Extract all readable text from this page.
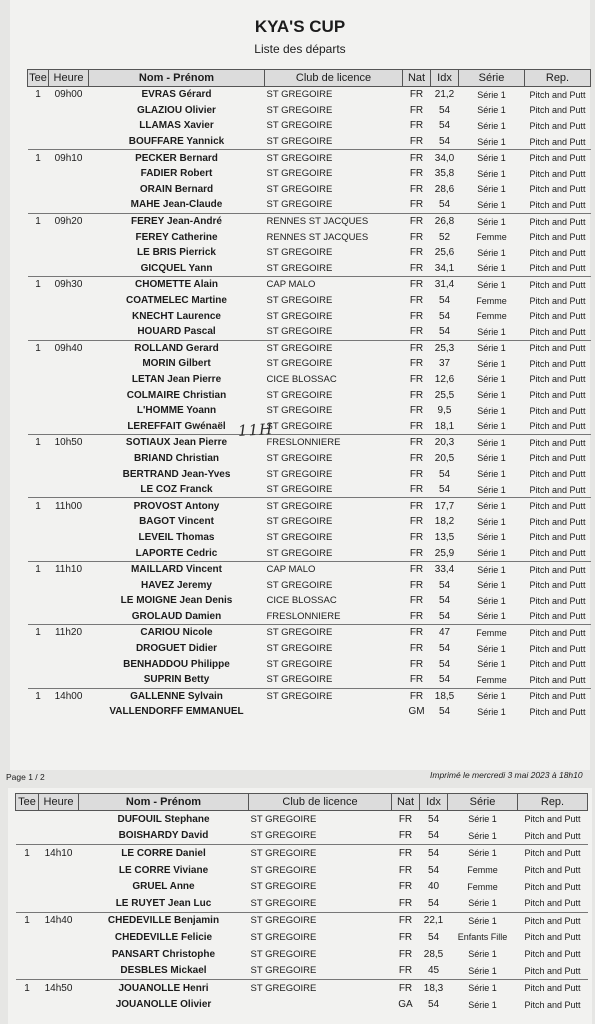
KYA'S CUP
Liste des départs
Tee	Heure	Nom - Prénom	Club de licence	Nat	Idx	Série	Rep.
1	09h00	EVRAS Gérard	ST GREGOIRE	FR	21,2	Série 1	Pitch and Putt
		GLAZIOU Olivier	ST GREGOIRE	FR	54	Série 1	Pitch and Putt
		LLAMAS Xavier	ST GREGOIRE	FR	54	Série 1	Pitch and Putt
		BOUFFARE Yannick	ST GREGOIRE	FR	54	Série 1	Pitch and Putt
1	09h10	PECKER Bernard	ST GREGOIRE	FR	34,0	Série 1	Pitch and Putt
		FADIER Robert	ST GREGOIRE	FR	35,8	Série 1	Pitch and Putt
		ORAIN Bernard	ST GREGOIRE	FR	28,6	Série 1	Pitch and Putt
		MAHE Jean-Claude	ST GREGOIRE	FR	54	Série 1	Pitch and Putt
1	09h20	FEREY Jean-André	RENNES ST JACQUES	FR	26,8	Série 1	Pitch and Putt
		FEREY Catherine	RENNES ST JACQUES	FR	52	Femme	Pitch and Putt
		LE BRIS Pierrick	ST GREGOIRE	FR	25,6	Série 1	Pitch and Putt
		GICQUEL Yann	ST GREGOIRE	FR	34,1	Série 1	Pitch and Putt
1	09h30	CHOMETTE Alain	CAP MALO	FR	31,4	Série 1	Pitch and Putt
		COATMELEC Martine	ST GREGOIRE	FR	54	Femme	Pitch and Putt
		KNECHT Laurence	ST GREGOIRE	FR	54	Femme	Pitch and Putt
		HOUARD Pascal	ST GREGOIRE	FR	54	Série 1	Pitch and Putt
1	09h40	ROLLAND Gerard	ST GREGOIRE	FR	25,3	Série 1	Pitch and Putt
		MORIN Gilbert	ST GREGOIRE	FR	37	Série 1	Pitch and Putt
		LETAN Jean Pierre	CICE BLOSSAC	FR	12,6	Série 1	Pitch and Putt
		COLMAIRE Christian	ST GREGOIRE	FR	25,5	Série 1	Pitch and Putt
		L'HOMME Yoann	ST GREGOIRE	FR	9,5	Série 1	Pitch and Putt
		LEREFFAIT Gwénaël	ST GREGOIRE	FR	18,1	Série 1	Pitch and Putt
1	10h50	SOTIAUX Jean Pierre	FRESLONNIERE	FR	20,3	Série 1	Pitch and Putt
		BRIAND Christian	ST GREGOIRE	FR	20,5	Série 1	Pitch and Putt
		BERTRAND Jean-Yves	ST GREGOIRE	FR	54	Série 1	Pitch and Putt
		LE COZ Franck	ST GREGOIRE	FR	54	Série 1	Pitch and Putt
1	11h00	PROVOST Antony	ST GREGOIRE	FR	17,7	Série 1	Pitch and Putt
		BAGOT Vincent	ST GREGOIRE	FR	18,2	Série 1	Pitch and Putt
		LEVEIL Thomas	ST GREGOIRE	FR	13,5	Série 1	Pitch and Putt
		LAPORTE Cedric	ST GREGOIRE	FR	25,9	Série 1	Pitch and Putt
1	11h10	MAILLARD Vincent	CAP MALO	FR	33,4	Série 1	Pitch and Putt
		HAVEZ Jeremy	ST GREGOIRE	FR	54	Série 1	Pitch and Putt
		LE MOIGNE Jean Denis	CICE BLOSSAC	FR	54	Série 1	Pitch and Putt
		GROLAUD Damien	FRESLONNIERE	FR	54	Série 1	Pitch and Putt
1	11h20	CARIOU Nicole	ST GREGOIRE	FR	47	Femme	Pitch and Putt
		DROGUET Didier	ST GREGOIRE	FR	54	Série 1	Pitch and Putt
		BENHADDOU Philippe	ST GREGOIRE	FR	54	Série 1	Pitch and Putt
		SUPRIN Betty	ST GREGOIRE	FR	54	Femme	Pitch and Putt
1	14h00	GALLENNE Sylvain	ST GREGOIRE	FR	18,5	Série 1	Pitch and Putt
		VALLENDORFF EMMANUEL		GM	54	Série 1	Pitch and Putt
11H
Page 1 / 2	Imprimé le mercredi 3 mai 2023 à 18h10
Tee	Heure	Nom - Prénom	Club de licence	Nat	Idx	Série	Rep.
		DUFOUIL Stephane	ST GREGOIRE	FR	54	Série 1	Pitch and Putt
		BOISHARDY David	ST GREGOIRE	FR	54	Série 1	Pitch and Putt
1	14h10	LE CORRE Daniel	ST GREGOIRE	FR	54	Série 1	Pitch and Putt
		LE CORRE Viviane	ST GREGOIRE	FR	54	Femme	Pitch and Putt
		GRUEL Anne	ST GREGOIRE	FR	40	Femme	Pitch and Putt
		LE RUYET Jean Luc	ST GREGOIRE	FR	54	Série 1	Pitch and Putt
1	14h40	CHEDEVILLE Benjamin	ST GREGOIRE	FR	22,1	Série 1	Pitch and Putt
		CHEDEVILLE Felicie	ST GREGOIRE	FR	54	Enfants Fille	Pitch and Putt
		PANSART Christophe	ST GREGOIRE	FR	28,5	Série 1	Pitch and Putt
		DESBLES Mickael	ST GREGOIRE	FR	45	Série 1	Pitch and Putt
1	14h50	JOUANOLLE Henri	ST GREGOIRE	FR	18,3	Série 1	Pitch and Putt
		JOUANOLLE Olivier		GA	54	Série 1	Pitch and Putt
